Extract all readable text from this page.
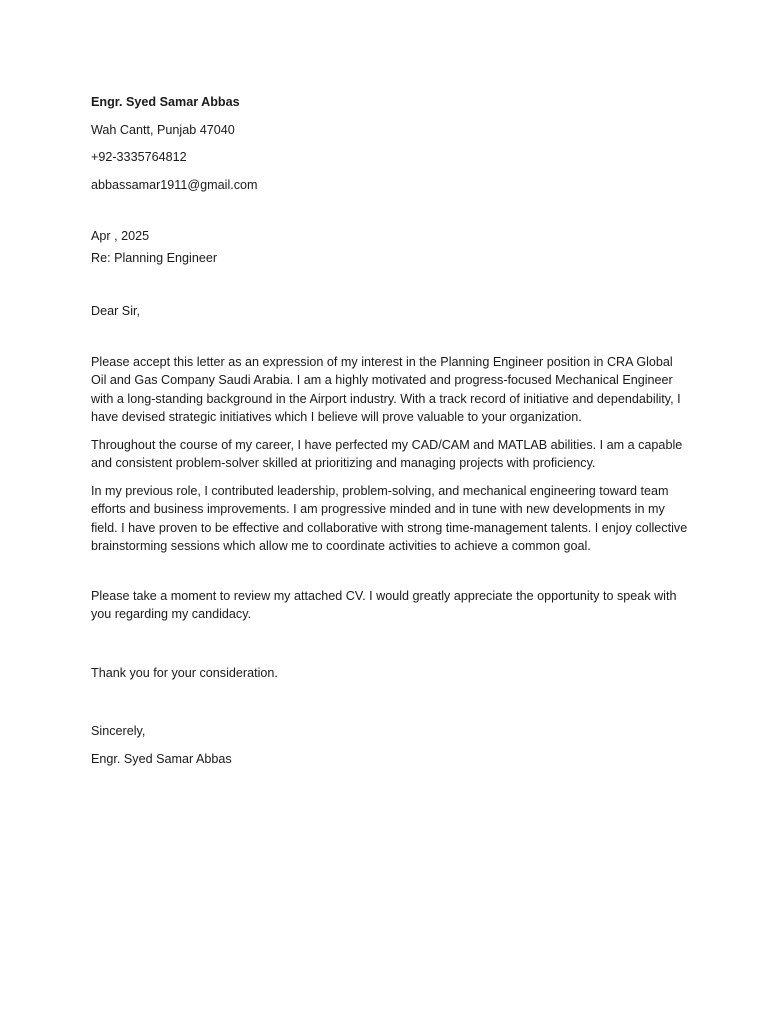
Engr. Syed Samar Abbas
Wah Cantt, Punjab 47040
+92-3335764812
abbassamar1911@gmail.com
Apr , 2025
Re: Planning Engineer
Dear Sir,

Please accept this letter as an expression of my interest in the Planning Engineer position in CRA Global Oil and Gas Company Saudi Arabia. I am a highly motivated and progress-focused Mechanical Engineer with a long-standing background in the Airport industry. With a track record of initiative and dependability, I have devised strategic initiatives which I believe will prove valuable to your organization.

Throughout the course of my career, I have perfected my CAD/CAM and MATLAB abilities. I am a capable and consistent problem-solver skilled at prioritizing and managing projects with proficiency.

In my previous role, I contributed leadership, problem-solving, and mechanical engineering toward team efforts and business improvements. I am progressive minded and in tune with new developments in my field. I have proven to be effective and collaborative with strong time-management talents. I enjoy collective brainstorming sessions which allow me to coordinate activities to achieve a common goal.

Please take a moment to review my attached CV. I would greatly appreciate the opportunity to speak with you regarding my candidacy.

Thank you for your consideration.
Sincerely,
Engr. Syed Samar Abbas
